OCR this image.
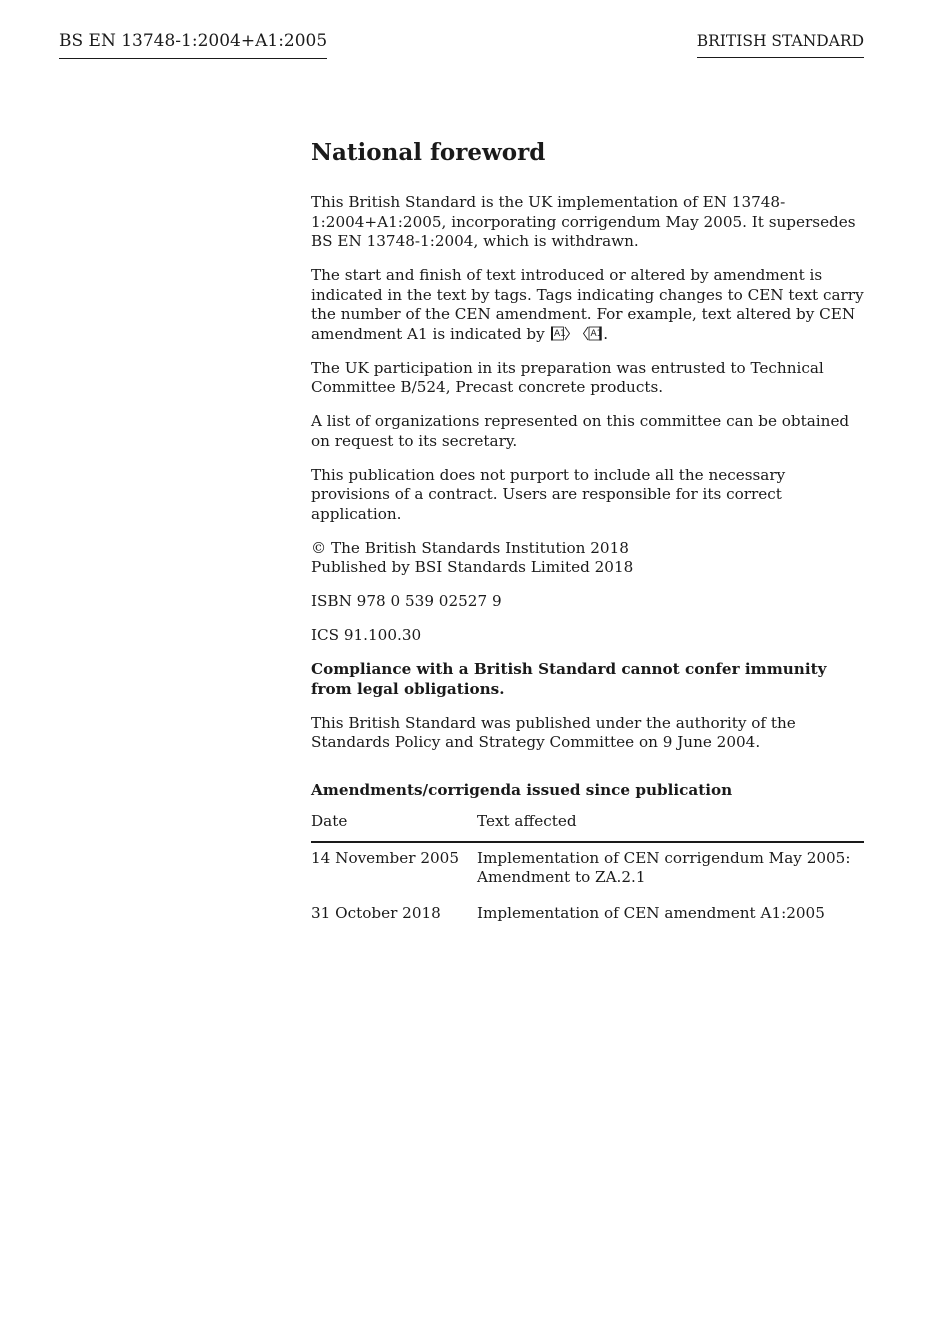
BS EN 13748-1:2004+A1:2005	BRITISH STANDARD
National foreword

This British Standard is the UK implementation of EN 13748-1:2004+A1:2005, incorporating corrigendum May 2005. It supersedes BS EN 13748-1:2004, which is withdrawn.

The start and finish of text introduced or altered by amendment is indicated in the text by tags. Tags indicating changes to CEN text carry the number of the CEN amendment. For example, text altered by CEN amendment A1 is indicated by A1
	A1 .

The UK participation in its preparation was entrusted to Technical Committee B/524, Precast concrete products.

A list of organizations represented on this committee can be obtained on request to its secretary.

This publication does not purport to include all the necessary provisions of a contract. Users are responsible for its correct application.

© The British Standards Institution 2018
Published by BSI Standards Limited 2018

ISBN 978 0 539 02527 9

ICS 91.100.30

Compliance with a British Standard cannot confer immunity from legal obligations.

This British Standard was published under the authority of the Standards Policy and Strategy Committee on 9 June 2004.

Amendments/corrigenda issued since publication
Date	Text affected
14 November 2005	Implementation of CEN corrigendum May 2005:
Amendment to ZA.2.1
31 October 2018	Implementation of CEN amendment A1:2005
